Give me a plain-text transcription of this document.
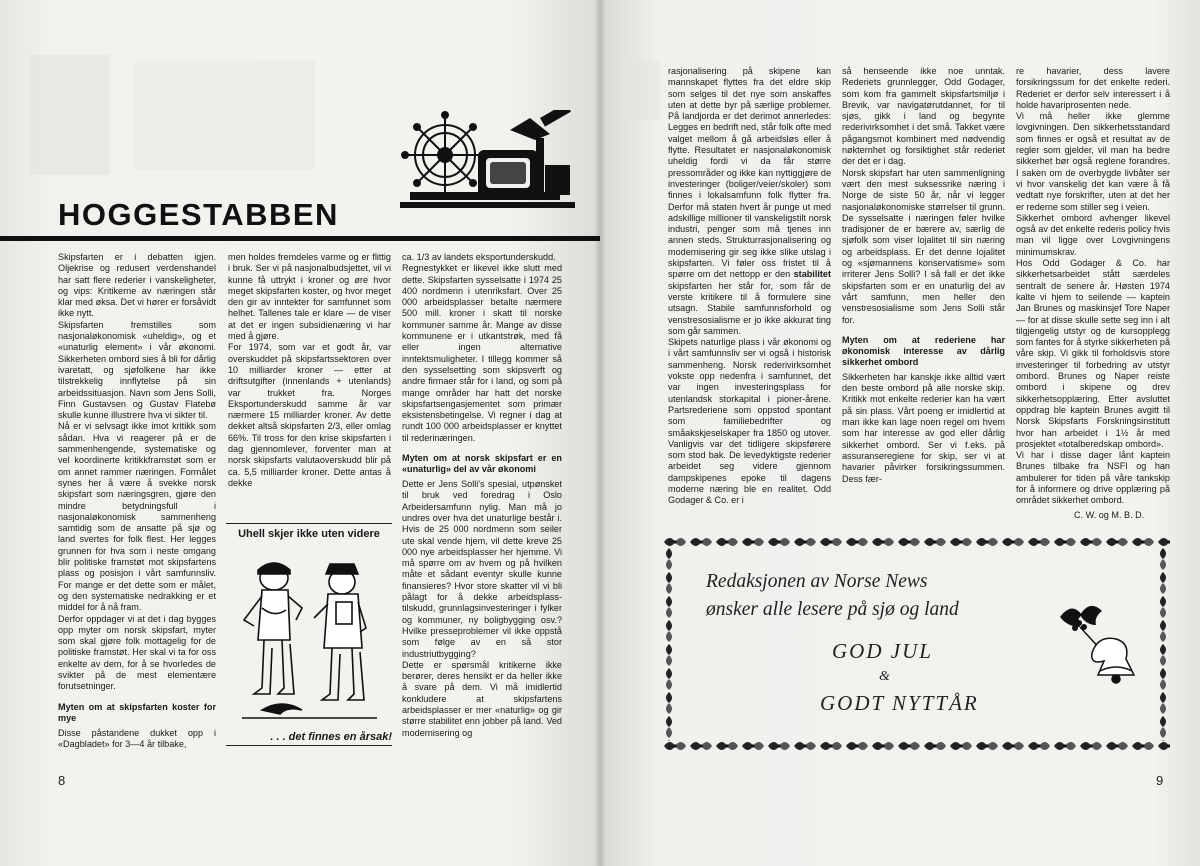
HOGGESTABBEN

Skipsfarten er i debatten igjen. Oljekrise og redusert verdenshandel har satt flere rederier i vanskeligheter, og vips: Kritikerne av næringen står klar med øksa. Det vi hører er forsåvidt ikke nytt.

Skipsfarten fremstilles som nasjonaløkonomisk «uheldig», og et «unaturlig element» i vår økonomi. Sikkerheten ombord sies å bli for dårlig ivaretatt, og sjøfolkene har ikke tilstrekkelig innflytelse på sin arbeidssituasjon. Navn som Jens Solli, Finn Gustavsen og Gustav Flatebø skulle kunne illustrere hva vi sikter til.

Nå er vi selvsagt ikke imot kritikk som sådan. Hva vi reagerer på er de sammenhengende, systematiske og vel koordinerte kritikkframstøt som er om annet rammer næringen. Formålet synes her å være å svekke norsk skipsfart som næringsgren, gjøre den mindre betydningsfull i nasjonaløkonomisk sammenheng samtidig som de ansatte på sjø og land svertes for folk flest. Her legges grunnen for hva som i neste omgang blir politiske framstøt mot skipsfartens plass og posisjon i vårt samfunnsliv. For mange er det dette som er målet, og den systematiske nedrakking er et middel for å nå fram.

Derfor oppdager vi at det i dag bygges opp myter om norsk skipsfart, myter som skal gjøre folk mottagelig for de politiske framstøt. Her skal vi ta for oss enkelte av dem, for å se hvorledes de svikter på de mest elementære forutsetninger.

Myten om at skipsfarten koster for mye

Disse påstandene dukket opp i «Dagbladet» for 3—4 år tilbake,

men holdes fremdeles varme og er flittig i bruk. Ser vi på nasjonalbudsjettet, vil vi kunne få uttrykt i kroner og øre hvor meget skipsfarten koster, og hvor meget den gir av inntekter for samfunnet som helhet. Tallenes tale er klare — de viser at det er ingen subsidienæring vi har med å gjøre.

For 1974, som var et godt år, var overskuddet på skipsfartssektoren over 10 milliarder kroner — etter at driftsutgifter (innenlands + utenlands) var trukket fra. Norges Eksportunderskudd samme år var nærmere 15 milliarder kroner. Av dette dekket altså skipsfarten 2/3, eller omlag 66%. Til tross for den krise skipsfarten i dag gjennomlever, forventer man at norsk skipsfarts valutaoverskudd blir på ca. 5,5 milliarder kroner. Dette antas å dekke

Uhell skjer ikke uten videre
. . . det finnes en årsak!

ca. 1/3 av landets eksportunderskudd.

Regnestykket er likevel ikke slutt med dette. Skipsfarten sysselsatte i 1974 25 400 nordmenn i utenriksfart. Over 25 000 arbeidsplasser betalte nærmere 500 mill. kroner i skatt til norske kommuner samme år. Mange av disse kommunene er i utkantstrøk, med få eller ingen alternative inntektsmuligheter. I tillegg kommer så den sysselsetting som skipsverft og andre firmaer står for i land, og som på mange områder har hatt det norske skipsfartsengasjementet som primær eksistensbetingelse. Vi regner i dag at rundt 100 000 arbeidsplasser er knyttet til rederinæringen.

Myten om at norsk skipsfart er en «unaturlig» del av vår økonomi

Dette er Jens Solli's spesial, utpønsket til bruk ved foredrag i Oslo Arbeidersamfunn nylig. Man må jo undres over hva det unaturlige består i. Hvis de 25 000 nordmenn som seiler ute skal vende hjem, vil dette kreve 25 000 nye arbeidsplasser her hjemme. Vi må spørre om av hvem og på hvilken måte et sådant eventyr skulle kunne finansieres? Hvor store skatter vil vi bli pålagt for å dekke arbeidsplass-tilskudd, grunnlagsinvesteringer i fylker og kommuner, ny boligbygging osv.? Hvilke presseproblemer vil ikke oppstå som følge av en så stor industriutbygging?

Dette er spørsmål kritikerne ikke berører, deres hensikt er da heller ikke å svare på dem. Vi må imidlertid konkludere at skipsfartens arbeidsplasser er mer «naturlig» og gir større stabilitet enn jobber på land. Ved modernisering og

8

rasjonalisering på skipene kan mannskapet flyttes fra det eldre skip som selges til det nye som anskaffes uten at dette byr på særlige problemer. På landjorda er det derimot annerledes: Legges en bedrift ned, står folk ofte med valget mellom å gå arbeidsløs eller å flytte. Resultatet er nasjonaløkonomisk uheldig fordi vi da får større pressområder og ikke kan nyttiggjøre de investeringer (boliger/veier/skoler) som finnes i lokalsamfunn folk flytter fra. Derfor må staten hvert år punge ut med adskillige millioner til vanskeligstilt norsk industri, penger som må tjenes inn annen steds. Strukturrasjonalisering og modernisering gir seg ikke slike utslag i skipsfarten. Vi føler oss fristet til å spørre om det nettopp er den stabilitet skipsfarten her står for, som får de verste kritikere til å formulere sine utsagn. Stabile samfunnsforhold og venstresosialisme er jo ikke akkurat ting som går sammen.

Skipets naturlige plass i vår økonomi og i vårt samfunnsliv ser vi også i historisk sammenheng. Norsk rederivirksomhet vokste opp nedenfra i samfunnet, det var ingen investeringsplass for utenlandsk storkapital i pioner-årene. Partsrederiene som oppstod spontant som familiebedrifter og småakskjeselskaper fra 1850 og utover. Vanligvis var det tidligere skipsførere som stod bak. De levedyktigste rederier arbeidet seg videre gjennom dampskipenes epoke til dagens moderne næring ble en realitet. Odd Godager & Co. er i

så henseende ikke noe unntak. Rederiets grunnlegger, Odd Godager, som kom fra gammelt skipsfartsmiljø i Brevik, var navigatørutdannet, for til sjøs, gikk i land og begynte rederivirksomhet i det små. Takket være pågangsmot kombinert med nødvendig nøkternhet og forsiktighet står rederiet der det er i dag.

Norsk skipsfart har uten sammenligning vært den mest suksessrike næring i Norge de siste 50 år, når vi legger nasjonaløkonomiske størrelser til grunn. De sysselsatte i næringen føler hvilke tradisjoner de er bærere av, særlig de sjøfolk som viser lojalitet til sin næring og arbeidsplass. Er det denne lojalitet og «sjømannens konservatisme» som irriterer Jens Solli? I så fall er det ikke skipsfarten som er en unaturlig del av vårt samfunn, men heller den venstresosialisme som Jens Solli står for.

Myten om at rederiene har økonomisk interesse av dårlig sikkerhet ombord

Sikkerheten har kanskje ikke alltid vært den beste ombord på alle norske skip. Kritikk mot enkelte rederier kan ha vært på sin plass. Vårt poeng er imidlertid at man ikke kan lage noen regel om hvem som har interesse av god eller dårlig sikkerhet ombord. Ser vi f.eks. på assuranseregiene for skip, ser vi at havarier påvirker forsikringssummen. Dess fær-

re havarier, dess lavere forsikringssum for det enkelte rederi. Rederiet er derfor selv interessert i å holde havariprosenten nede.

Vi må heller ikke glemme lovgivningen. Den sikkerhetsstandard som finnes er også et resultat av de regler som gjelder, vil man ha bedre sikkerhet bør også reglene forandres. I saken om de overbygde livbåter ser vi hvor vanskelig det kan være å få vedtatt nye forskrifter, uten at det her er rederne som stiller seg i veien.

Sikkerhet ombord avhenger likevel også av det enkelte rederis policy hvis man vil ligge over Lovgivningens minimumskrav.

Hos Odd Godager & Co. har sikkerhetsarbeidet stått særdeles sentralt de senere år. Høsten 1974 kalte vi hjem to seilende — kaptein Jan Brunes og maskinsjef Tore Naper — for at disse skulle sette seg inn i alt tilgjengelig utstyr og de kursopplegg som fantes for å styrke sikkerheten på våre skip. Vi gikk til forholdsvis store investeringer til forbedring av utstyr ombord. Brunes og Naper reiste ombord i skipene og drev sikkerhetsopplæring. Etter avsluttet oppdrag ble kaptein Brunes avgitt til Norsk Skipsfarts Forskningsinstitutt hvor han arbeidet i 1½ år med prosjektet «totalberedskap ombord».

Vi har i disse dager lånt kaptein Brunes tilbake fra NSFI og han ambulerer for tiden på våre tankskip for å informere og drive opplæring på området sikkerhet ombord.

C. W. og M. B. D.
Redaksjonen av Norse News
ønsker alle lesere på sjø og land
GOD JUL
&
GODT NYTTÅR
9
